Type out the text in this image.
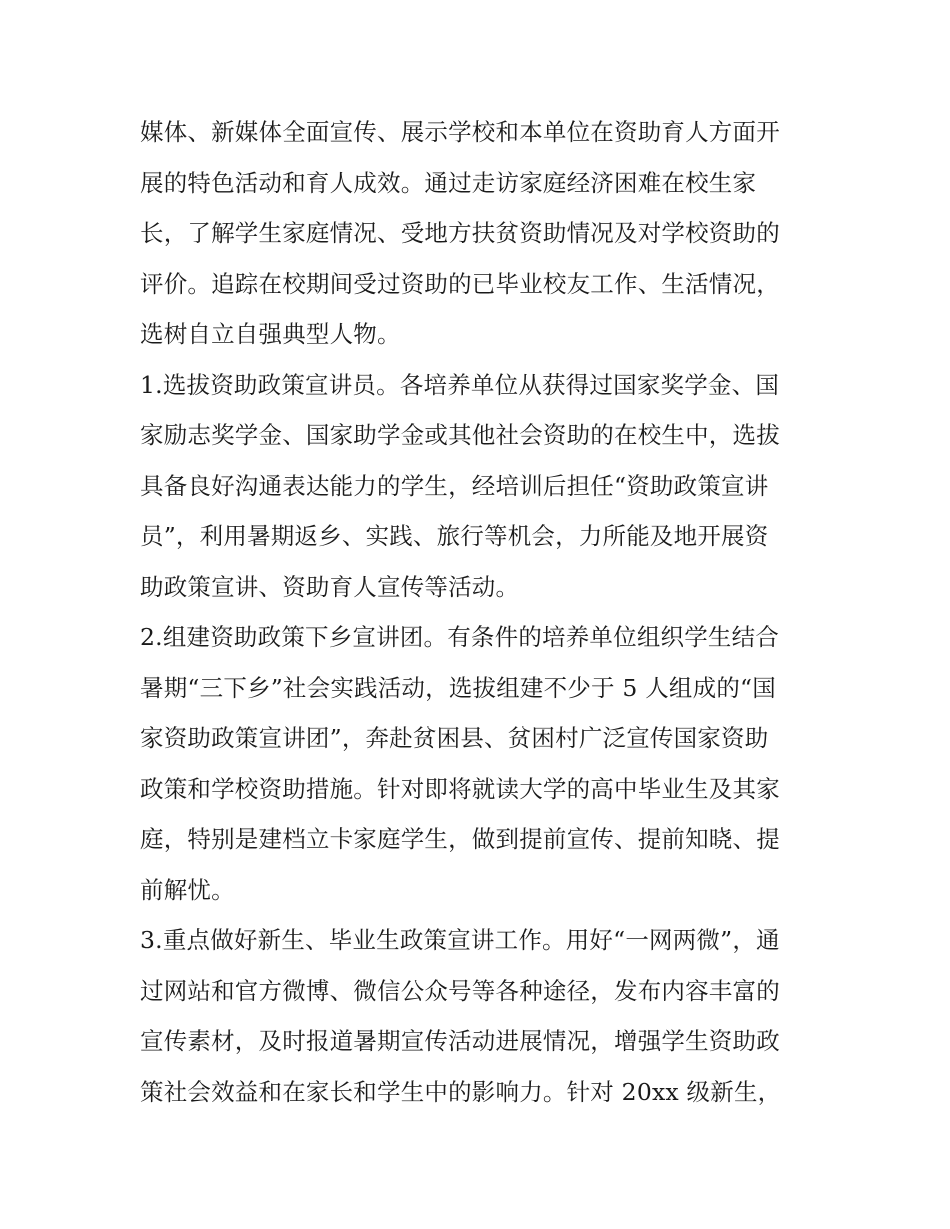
媒体、新媒体全面宣传、展示学校和本单位在资助育人方面开
展的特色活动和育人成效。通过走访家庭经济困难在校生家
长，了解学生家庭情况、受地方扶贫资助情况及对学校资助的
评价。追踪在校期间受过资助的已毕业校友工作、生活情况，
选树自立自强典型人物。
1.选拔资助政策宣讲员。各培养单位从获得过国家奖学金、国
家励志奖学金、国家助学金或其他社会资助的在校生中，选拔
具备良好沟通表达能力的学生，经培训后担任“资助政策宣讲
员”，利用暑期返乡、实践、旅行等机会，力所能及地开展资
助政策宣讲、资助育人宣传等活动。
2.组建资助政策下乡宣讲团。有条件的培养单位组织学生结合
暑期“三下乡”社会实践活动，选拔组建不少于 5 人组成的“国
家资助政策宣讲团”，奔赴贫困县、贫困村广泛宣传国家资助
政策和学校资助措施。针对即将就读大学的高中毕业生及其家
庭，特别是建档立卡家庭学生，做到提前宣传、提前知晓、提
前解忧。
3.重点做好新生、毕业生政策宣讲工作。用好“一网两微”，通
过网站和官方微博、微信公众号等各种途径，发布内容丰富的
宣传素材，及时报道暑期宣传活动进展情况，增强学生资助政
策社会效益和在家长和学生中的影响力。针对 20xx 级新生，
